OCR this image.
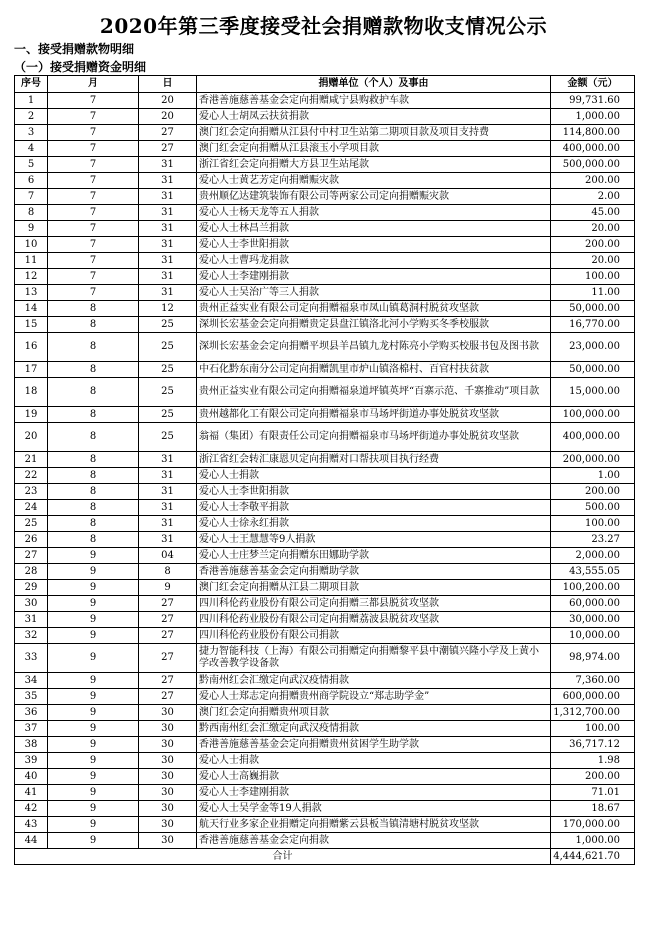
2020年第三季度接受社会捐赠款物收支情况公示
一、接受捐赠款物明细
（一）接受捐赠资金明细
序号	月	日	捐赠单位（个人）及事由	金额（元）
1	7	20	香港善施慈善基金会定向捐赠咸宁县购救护车款	99,731.60
2	7	20	爱心人士胡凤云扶贫捐款	1,000.00
3	7	27	澳门红会定向捐赠从江县付中村卫生站第二期项目款及项目支持费	114,800.00
4	7	27	澳门红会定向捐赠从江县滚玉小学项目款	400,000.00
5	7	31	浙江省红会定向捐赠大方县卫生站尾款	500,000.00
6	7	31	爱心人士黄艺芳定向捐赠赈灾款	200.00
7	7	31	贵州顺亿达建筑装饰有限公司等两家公司定向捐赠赈灾款	2.00
8	7	31	爱心人士杨天龙等五人捐款	45.00
9	7	31	爱心人士林昌兰捐款	20.00
10	7	31	爱心人士李世阳捐款	200.00
11	7	31	爱心人士曹玛龙捐款	20.00
12	7	31	爱心人士李建刚捐款	100.00
13	7	31	爱心人士吴治广等三人捐款	11.00
14	8	12	贵州正益实业有限公司定向捐赠福泉市凤山镇葛洞村脱贫攻坚款	50,000.00
15	8	25	深圳长宏基金会定向捐赠贵定县盘江镇洛北河小学购买冬季校服款	16,770.00
16	8	25	深圳长宏基金会定向捐赠平坝县羊昌镇九龙村陈亮小学购买校服书包及图书款	23,000.00
17	8	25	中石化黔东南分公司定向捐赠凯里市炉山镇洛棉村、百官村扶贫款	50,000.00
18	8	25	贵州正益实业有限公司定向捐赠福泉道坪镇英坪“百寨示范、千寨推动”项目款	15,000.00
19	8	25	贵州越都化工有限公司定向捐赠福泉市马场坪街道办事处脱贫攻坚款	100,000.00
20	8	25	翁福（集团）有限责任公司定向捐赠福泉市马场坪街道办事处脱贫攻坚款	400,000.00
21	8	31	浙江省红会转汇康恩贝定向捐赠对口帮扶项目执行经费	200,000.00
22	8	31	爱心人士捐款	1.00
23	8	31	爱心人士李世阳捐款	200.00
24	8	31	爱心人士李敬平捐款	500.00
25	8	31	爱心人士徐永红捐款	100.00
26	8	31	爱心人士王慧慧等9人捐款	23.27
27	9	04	爱心人士庄梦兰定向捐赠东田娜助学款	2,000.00
28	9	8	香港善施慈善基金会定向捐赠助学款	43,555.05
29	9	9	澳门红会定向捐赠从江县二期项目款	100,200.00
30	9	27	四川科伦药业股份有限公司定向捐赠三都县脱贫攻坚款	60,000.00
31	9	27	四川科伦药业股份有限公司定向捐赠荔波县脱贫攻坚款	30,000.00
32	9	27	四川科伦药业股份有限公司捐款	10,000.00
33	9	27	捷力智能科技（上海）有限公司捐赠定向捐赠黎平县中潮镇兴隆小学及上黄小学改善教学设备款	98,974.00
34	9	27	黔南州红会汇缴定向武汉疫情捐款	7,360.00
35	9	27	爱心人士郑志定向捐赠贵州商学院设立“郑志助学金”	600,000.00
36	9	30	澳门红会定向捐赠贵州项目款	1,312,700.00
37	9	30	黔西南州红会汇缴定向武汉疫情捐款	100.00
38	9	30	香港善施慈善基金会定向捐赠贵州贫困学生助学款	36,717.12
39	9	30	爱心人士捐款	1.98
40	9	30	爱心人士高巍捐款	200.00
41	9	30	爱心人士李建刚捐款	71.01
42	9	30	爱心人士吴学金等19人捐款	18.67
43	9	30	航天行业多家企业捐赠定向捐赠紫云县板当镇清塘村脱贫攻坚款	170,000.00
44	9	30	香港善施慈善基金会定向捐款	1,000.00
合计				4,444,621.70
